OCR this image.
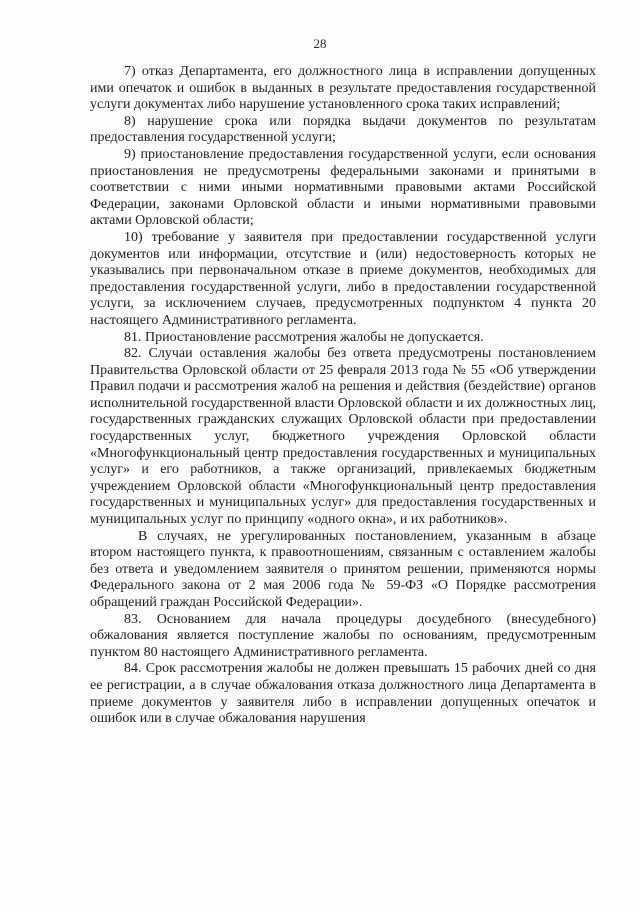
28

7) отказ Департамента, его должностного лица в исправлении допущенных ими опечаток и ошибок в выданных в результате предоставления государственной услуги документах либо нарушение установленного срока таких исправлений;

8) нарушение срока или порядка выдачи документов по результатам предоставления государственной услуги;

9) приостановление предоставления государственной услуги, если основания приостановления не предусмотрены федеральными законами и принятыми в соответствии с ними иными нормативными правовыми актами Российской Федерации, законами Орловской области и иными нормативными правовыми актами Орловской области;

10) требование у заявителя при предоставлении государственной услуги документов или информации, отсутствие и (или) недостоверность которых не указывались при первоначальном отказе в приеме документов, необходимых для предоставления государственной услуги, либо в предоставлении государственной услуги, за исключением случаев, предусмотренных подпунктом 4 пункта 20 настоящего Административного регламента.

81. Приостановление рассмотрения жалобы не допускается.

82. Случаи оставления жалобы без ответа предусмотрены постановлением Правительства Орловской области от 25 февраля 2013 года № 55 «Об утверждении Правил подачи и рассмотрения жалоб на решения и действия (бездействие) органов исполнительной государственной власти Орловской области и их должностных лиц, государственных гражданских служащих Орловской области при предоставлении государственных услуг, бюджетного учреждения Орловской области «Многофункциональный центр предоставления государственных и муниципальных услуг» и его работников, а также организаций, привлекаемых бюджетным учреждением Орловской области «Многофункциональный центр предоставления государственных и муниципальных услуг» для предоставления государственных и муниципальных услуг по принципу «одного окна», и их работников».

В случаях, не урегулированных постановлением, указанным в абзаце втором настоящего пункта, к правоотношениям, связанным с оставлением жалобы без ответа и уведомлением заявителя о принятом решении, применяются нормы Федерального закона от 2 мая 2006 года № 59-ФЗ «О Порядке рассмотрения обращений граждан Российской Федерации».

83. Основанием для начала процедуры досудебного (внесудебного) обжалования является поступление жалобы по основаниям, предусмотренным пунктом 80 настоящего Административного регламента.

84. Срок рассмотрения жалобы не должен превышать 15 рабочих дней со дня ее регистрации, а в случае обжалования отказа должностного лица Департамента в приеме документов у заявителя либо в исправлении допущенных опечаток и ошибок или в случае обжалования нарушения
